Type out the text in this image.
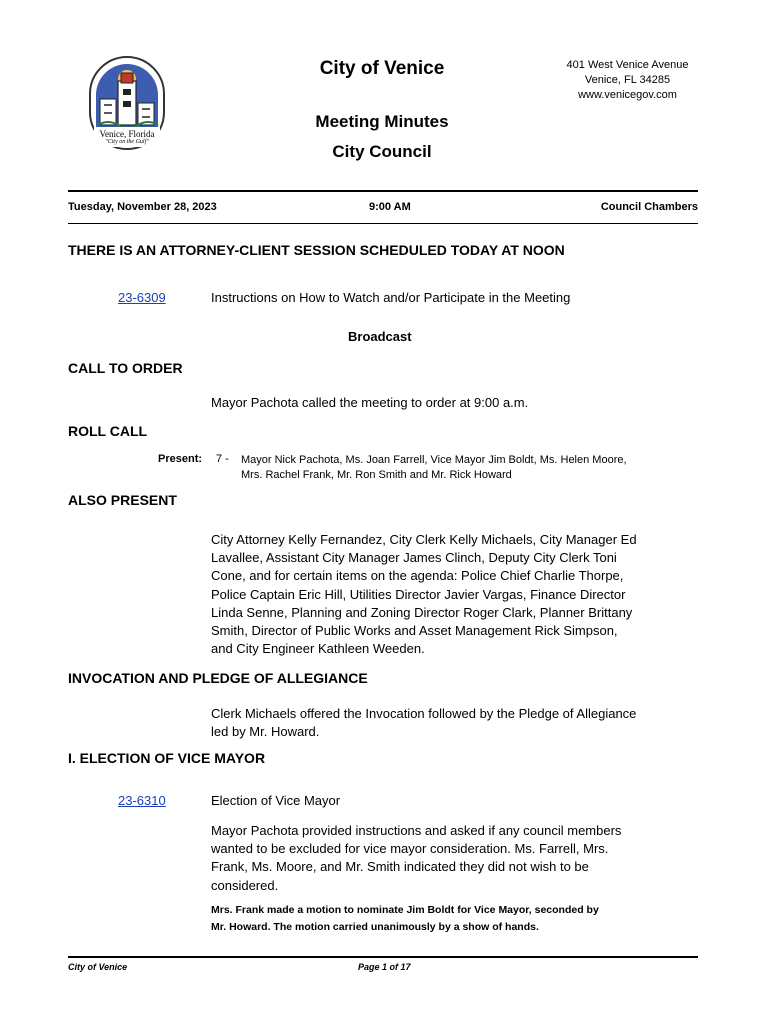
Venice, Florida
"City on the Gulf"
City of Venice	401 West Venice Avenue
Venice, FL 34285
www.venicegov.com
Meeting Minutes
City Council
Tuesday, November 28, 2023	9:00 AM	Council Chambers
THERE IS AN ATTORNEY-CLIENT SESSION SCHEDULED TODAY AT NOON
23-6309	Instructions on How to Watch and/or Participate in the Meeting
Broadcast
CALL TO ORDER
Mayor Pachota called the meeting to order at 9:00 a.m.
ROLL CALL
Present: 7 - Mayor Nick Pachota, Ms. Joan Farrell, Vice Mayor Jim Boldt, Ms. Helen Moore,
Mrs. Rachel Frank, Mr. Ron Smith and Mr. Rick Howard
ALSO PRESENT
City Attorney Kelly Fernandez, City Clerk Kelly Michaels, City Manager Ed
Lavallee, Assistant City Manager James Clinch, Deputy City Clerk Toni
Cone, and for certain items on the agenda: Police Chief Charlie Thorpe,
Police Captain Eric Hill, Utilities Director Javier Vargas, Finance Director
Linda Senne, Planning and Zoning Director Roger Clark, Planner Brittany
Smith, Director of Public Works and Asset Management Rick Simpson,
and City Engineer Kathleen Weeden.
INVOCATION AND PLEDGE OF ALLEGIANCE
Clerk Michaels offered the Invocation followed by the Pledge of Allegiance
led by Mr. Howard.
I. ELECTION OF VICE MAYOR
23-6310	Election of Vice Mayor
Mayor Pachota provided instructions and asked if any council members
wanted to be excluded for vice mayor consideration. Ms. Farrell, Mrs.
Frank, Ms. Moore, and Mr. Smith indicated they did not wish to be
considered.
Mrs. Frank made a motion to nominate Jim Boldt for Vice Mayor, seconded by
Mr. Howard. The motion carried unanimously by a show of hands.
City of Venice	Page 1 of 17
